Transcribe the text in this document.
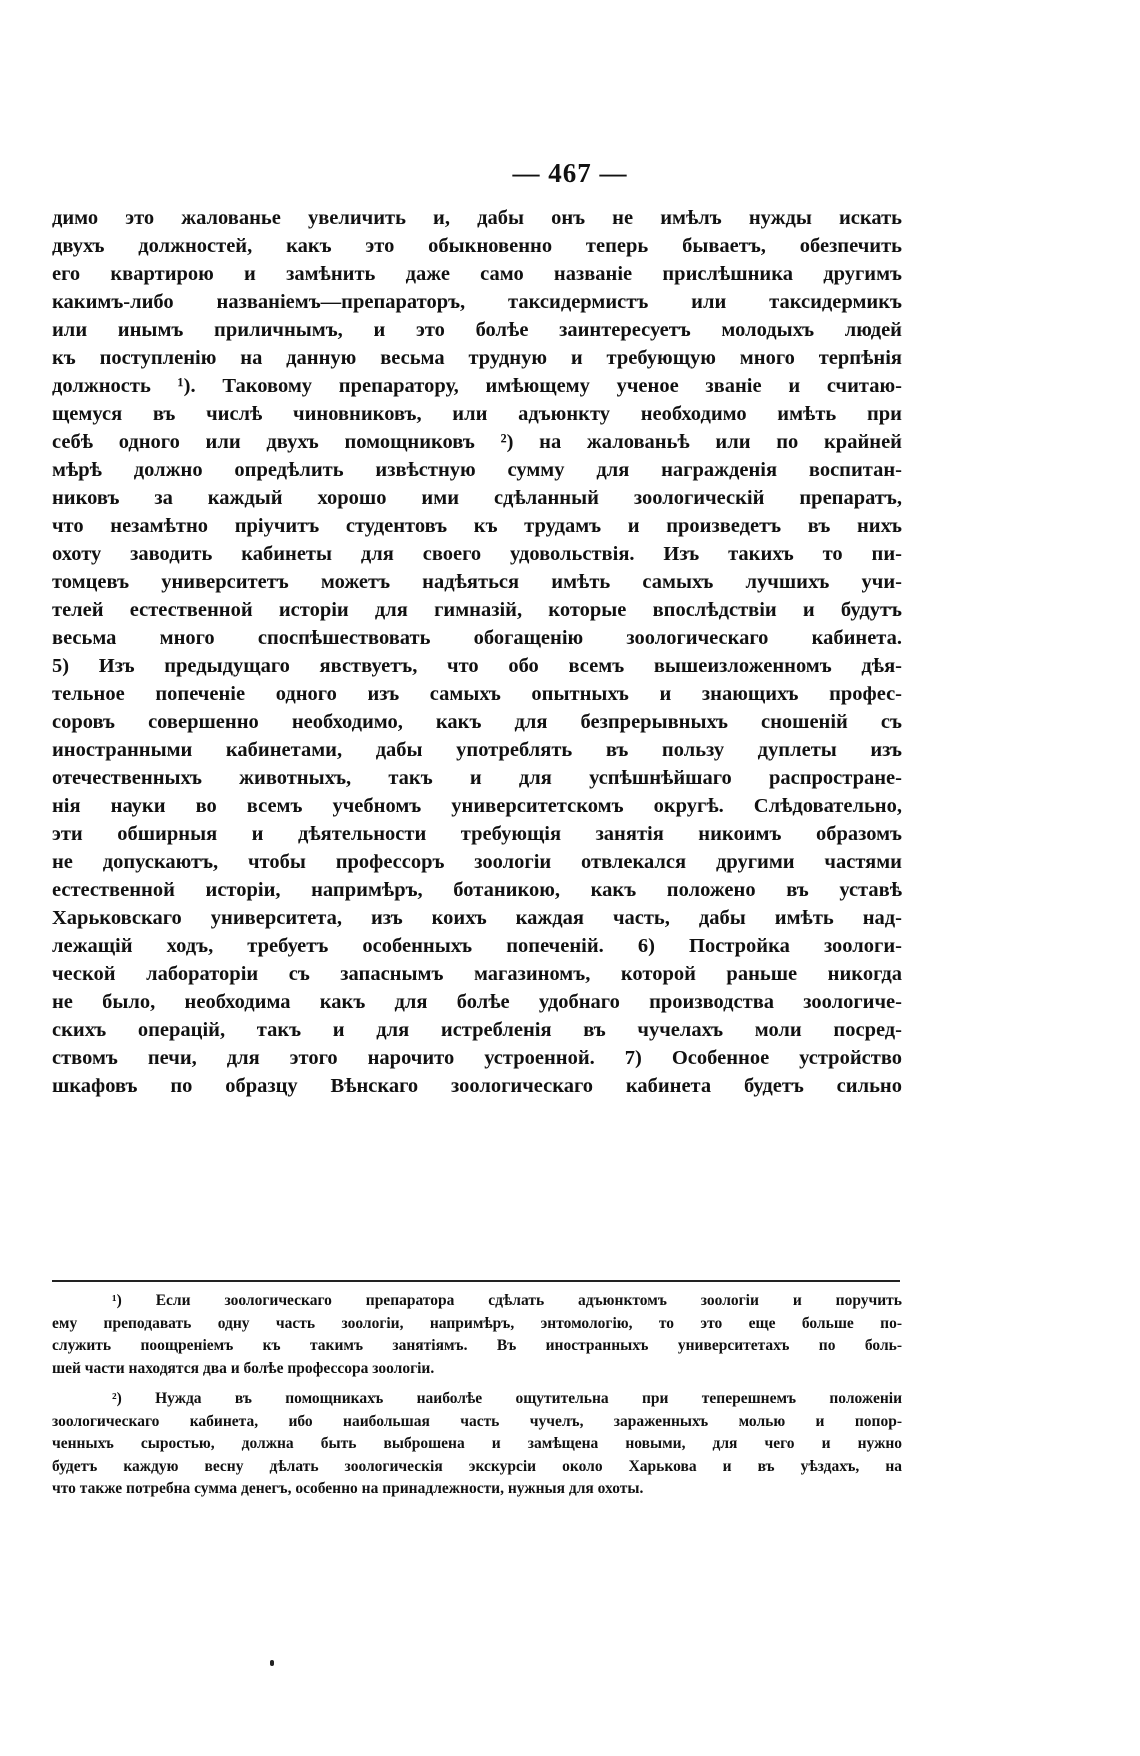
— 467 —
димо это жалованье увеличить и, дабы онъ не имѣлъ нужды искать
двухъ должностей, какъ это обыкновенно теперь бываетъ, обезпечить
его квартирою и замѣнить даже само названіе прислѣшника другимъ
какимъ-либо названіемъ—препараторъ, таксидермистъ или таксидермикъ
или инымъ приличнымъ, и это болѣе заинтересуетъ молодыхъ людей
къ поступленію на данную весьма трудную и требующую много терпѣнія
должность ¹). Таковому препаратору, имѣющему ученое званіе и считаю-
щемуся въ числѣ чиновниковъ, или адъюнкту необходимо имѣть при
себѣ одного или двухъ помощниковъ ²) на жалованьѣ или по крайней
мѣрѣ должно опредѣлить извѣстную сумму для награжденія воспитан-
никовъ за каждый хорошо ими сдѣланный зоологическій препаратъ,
что незамѣтно пріучитъ студентовъ къ трудамъ и произведетъ въ нихъ
охоту заводить кабинеты для своего удовольствія. Изъ такихъ то пи-
томцевъ университетъ можетъ надѣяться имѣть самыхъ лучшихъ учи-
телей естественной исторіи для гимназій, которые впослѣдствіи и будутъ
весьма много споспѣшествовать обогащенію зоологическаго кабинета.
5) Изъ предыдущаго явствуетъ, что обо всемъ вышеизложенномъ дѣя-
тельное попеченіе одного изъ самыхъ опытныхъ и знающихъ профес-
соровъ совершенно необходимо, какъ для безпрерывныхъ сношеній съ
иностранными кабинетами, дабы употреблять въ пользу дуплеты изъ
отечественныхъ животныхъ, такъ и для успѣшнѣйшаго распростране-
нія науки во всемъ учебномъ университетскомъ округѣ. Слѣдовательно,
эти обширныя и дѣятельности требующія занятія никоимъ образомъ
не допускаютъ, чтобы профессоръ зоологіи отвлекался другими частями
естественной исторіи, напримѣръ, ботаникою, какъ положено въ уставѣ
Харьковскаго университета, изъ коихъ каждая часть, дабы имѣть над-
лежащій ходъ, требуетъ особенныхъ попеченій. 6) Постройка зоологи-
ческой лабораторіи съ запаснымъ магазиномъ, которой раньше никогда
не было, необходима какъ для болѣе удобнаго производства зоологиче-
скихъ операцій, такъ и для истребленія въ чучелахъ моли посред-
ствомъ печи, для этого нарочито устроенной. 7) Особенное устройство
шкафовъ по образцу Вѣнскаго зоологическаго кабинета будетъ сильно
¹) Если зоологическаго препаратора сдѣлать адъюнктомъ зоологіи и поручить
ему преподавать одну часть зоологіи, напримѣръ, энтомологію, то это еще больше по-
служить поощреніемъ къ такимъ занятіямъ. Въ иностранныхъ университетахъ по боль-
шей части находятся два и болѣе профессора зоологіи.
²) Нужда въ помощникахъ наиболѣе ощутительна при теперешнемъ положеніи
зоологическаго кабинета, ибо наибольшая часть чучелъ, зараженныхъ молью и попор-
ченныхъ сыростью, должна быть выброшена и замѣщена новыми, для чего и нужно
будетъ каждую весну дѣлать зоологическія экскурсіи около Харькова и въ уѣздахъ, на
что также потребна сумма денегъ, особенно на принадлежности, нужныя для охоты.
